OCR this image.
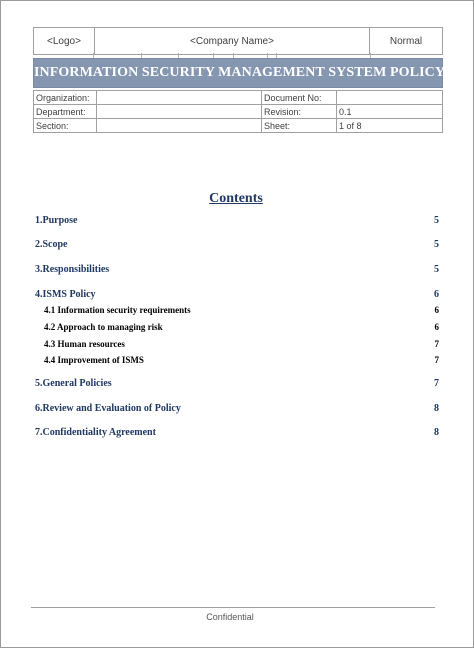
<Logo>	<Company Name>	Normal
INFORMATION SECURITY MANAGEMENT SYSTEM POLICY
Organization:		Document No:	
Department:		Revision:	0.1
Section:		Sheet:	1 of 8
Contents
1.Purpose	5
2.Scope	5
3.Responsibilities	5
4.ISMS Policy	6
4.1 Information security requirements	6
4.2 Approach to managing risk	6
4.3 Human resources	7
4.4 Improvement of ISMS	7
5.General Policies	7
6.Review and Evaluation of Policy	8
7.Confidentiality Agreement	8
Confidential
